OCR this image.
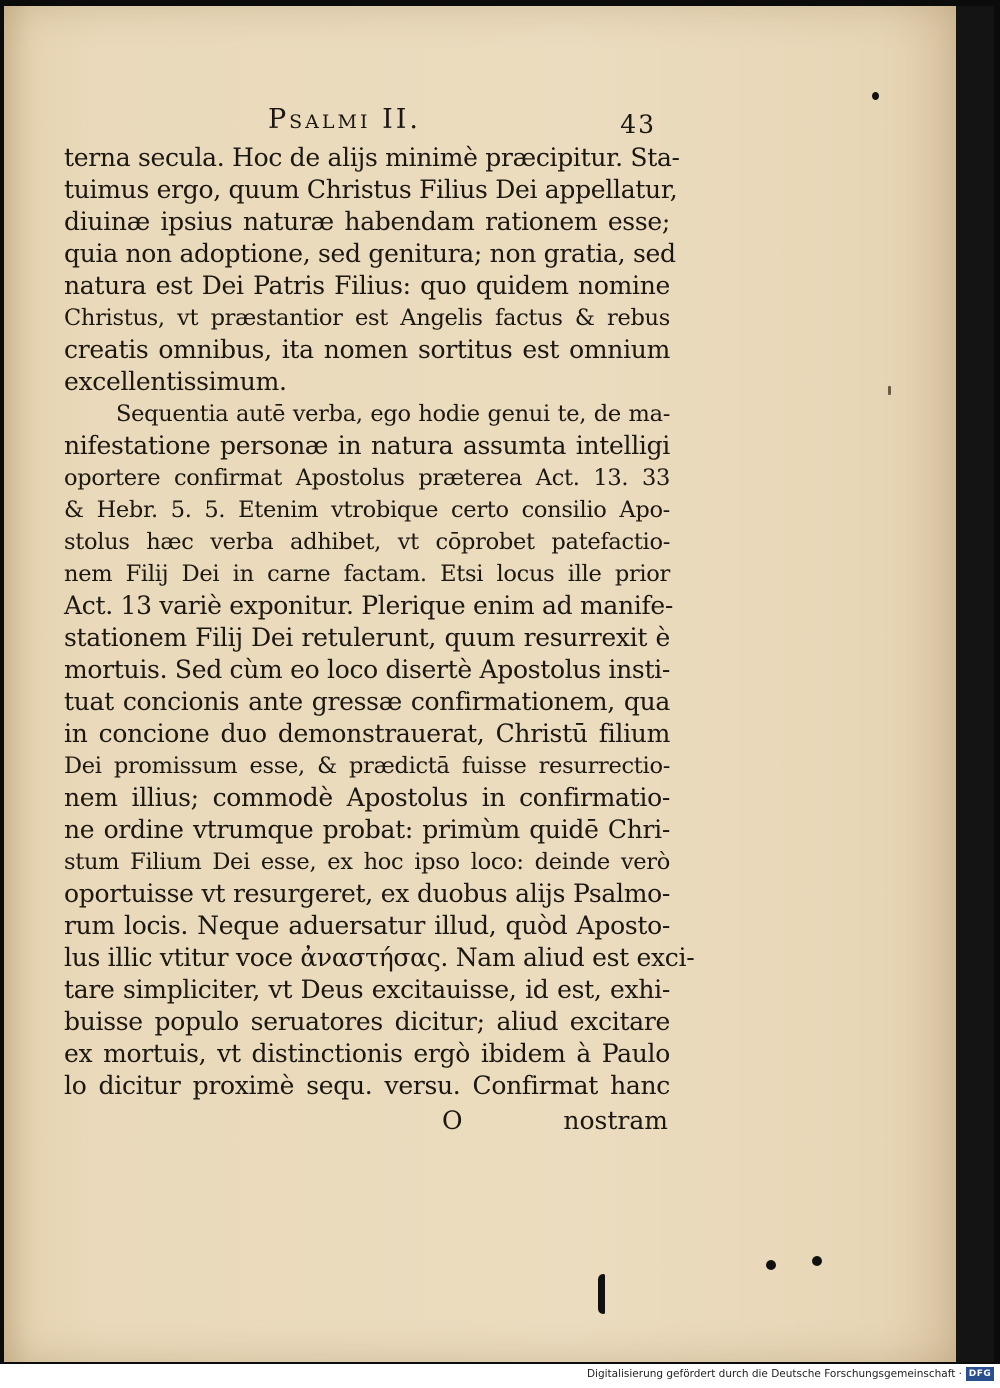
Psalmi II.	43
terna secula. Hoc de alijs minimè præcipitur. Sta-
tuimus ergo, quum Christus Filius Dei appellatur,
diuinæ ipsius naturæ habendam rationem esse;
quia non adoptione, sed genitura; non gratia, sed
natura est Dei Patris Filius: quo quidem nomine
Christus, vt præstantior est Angelis factus & rebus
creatis omnibus, ita nomen sortitus est omnium
excellentissimum.
Sequentia autē verba, ego hodie genui te, de ma-
nifestatione personæ in natura assumta intelligi
oportere confirmat Apostolus præterea Act. 13. 33
& Hebr. 5. 5. Etenim vtrobique certo consilio Apo-
stolus hæc verba adhibet, vt cōprobet patefactio-
nem Filij Dei in carne factam. Etsi locus ille prior
Act. 13 variè exponitur. Plerique enim ad manife-
stationem Filij Dei retulerunt, quum resurrexit è
mortuis. Sed cùm eo loco disertè Apostolus insti-
tuat concionis ante gressæ confirmationem, qua
in concione duo demonstrauerat, Christū filium
Dei promissum esse, & prædictā fuisse resurrectio-
nem illius; commodè Apostolus in confirmatio-
ne ordine vtrumque probat: primùm quidē Chri-
stum Filium Dei esse, ex hoc ipso loco: deinde verò
oportuisse vt resurgeret, ex duobus alijs Psalmo-
rum locis. Neque aduersatur illud, quòd Aposto-
lus illic vtitur voce ἀναστήσας. Nam aliud est exci-
tare simpliciter, vt Deus excitauisse, id est, exhi-
buisse populo seruatores dicitur; aliud excitare
ex mortuis, vt distinctionis ergò ibidem à Paulo
lo dicitur proximè sequ. versu. Confirmat hanc
O	nostram
Digitalisierung gefördert durch die Deutsche Forschungsgemeinschaft · DFG
